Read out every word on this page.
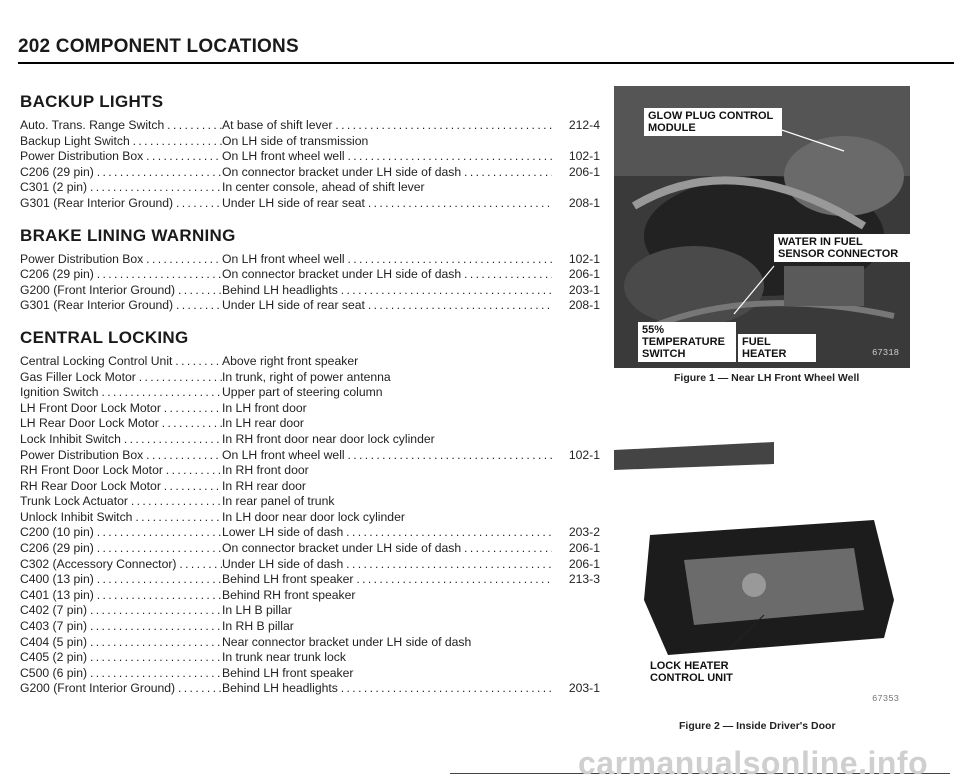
202 COMPONENT LOCATIONS
BACKUP LIGHTS
Auto. Trans. Range Switch . . .	At base of shift lever . . .	212-4
Backup Light Switch . . .	On LH side of transmission
Power Distribution Box . . .	On LH front wheel well . . .	102-1
C206 (29 pin) . . .	On connector bracket under LH side of dash . . .	206-1
C301 (2 pin) . . .	In center console, ahead of shift lever
G301 (Rear Interior Ground) . . .	Under LH side of rear seat . . .	208-1
BRAKE LINING WARNING
Power Distribution Box . . .	On LH front wheel well . . .	102-1
C206 (29 pin) . . .	On connector bracket under LH side of dash . . .	206-1
G200 (Front Interior Ground) . . .	Behind LH headlights . . .	203-1
G301 (Rear Interior Ground) . . .	Under LH side of rear seat . . .	208-1
CENTRAL LOCKING
Central Locking Control Unit . . .	Above right front speaker
Gas Filler Lock Motor . . .	In trunk, right of power antenna
Ignition Switch . . .	Upper part of steering column
LH Front Door Lock Motor . . .	In LH front door
LH Rear Door Lock Motor . . .	In LH rear door
Lock Inhibit Switch . . .	In RH front door near door lock cylinder
Power Distribution Box . . .	On LH front wheel well . . .	102-1
RH Front Door Lock Motor . . .	In RH front door
RH Rear Door Lock Motor . . .	In RH rear door
Trunk Lock Actuator . . .	In rear panel of trunk
Unlock Inhibit Switch . . .	In LH door near door lock cylinder
C200 (10 pin) . . .	Lower LH side of dash . . .	203-2
C206 (29 pin) . . .	On connector bracket under LH side of dash . . .	206-1
C302 (Accessory Connector) . . .	Under LH side of dash . . .	206-1
C400 (13 pin) . . .	Behind LH front speaker . . .	213-3
C401 (13 pin) . . .	Behind RH front speaker
C402 (7 pin) . . .	In LH B pillar
C403 (7 pin) . . .	In RH B pillar
C404 (5 pin) . . .	Near connector bracket under LH side of dash
C405 (2 pin) . . .	In trunk near trunk lock
C500 (6 pin) . . .	Behind LH front speaker
G200 (Front Interior Ground) . . .	Behind LH headlights . . .	203-1
GLOW PLUG CONTROL MODULE
WATER IN FUEL SENSOR CONNECTOR
55% TEMPERATURE SWITCH
FUEL HEATER	67318
Figure 1 — Near LH Front Wheel Well
LOCK HEATER CONTROL UNIT
67353
Figure 2 — Inside Driver's Door
carmanualsonline.info
